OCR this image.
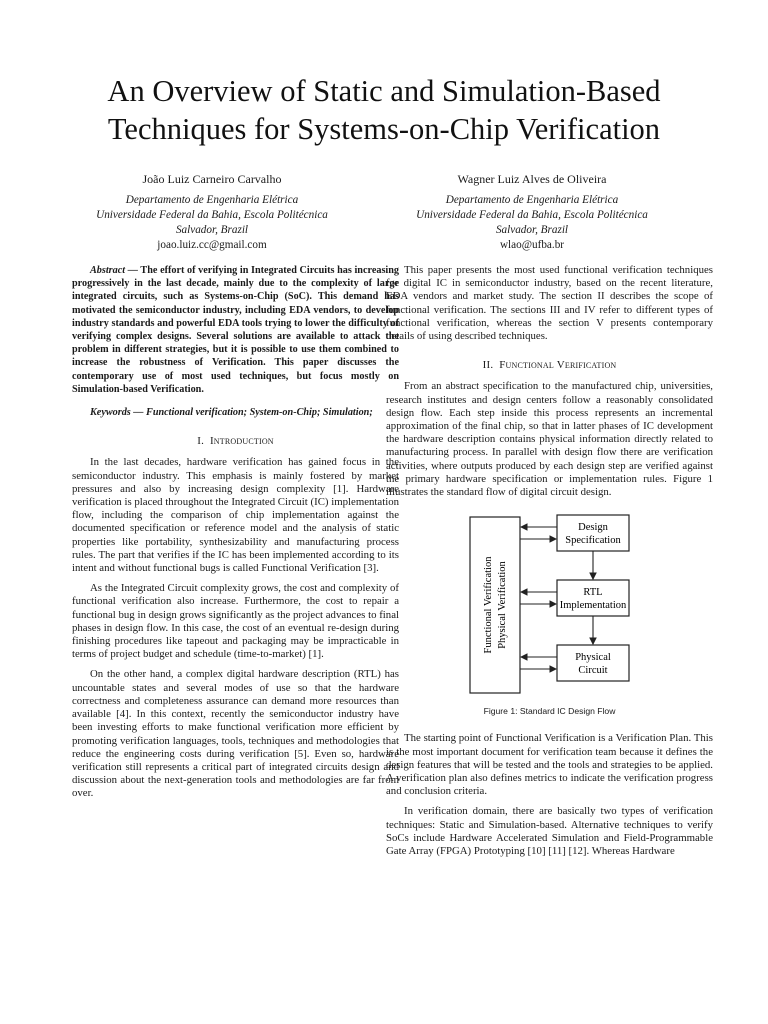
An Overview of Static and Simulation-Based
Techniques for Systems-on-Chip Verification
João Luiz Carneiro Carvalho
Departamento de Engenharia Elétrica
Universidade Federal da Bahia, Escola Politécnica
Salvador, Brazil
joao.luiz.cc@gmail.com
Wagner Luiz Alves de Oliveira
Departamento de Engenharia Elétrica
Universidade Federal da Bahia, Escola Politécnica
Salvador, Brazil
wlao@ufba.br

Abstract — The effort of verifying in Integrated Circuits has increasing progressively in the last decade, mainly due to the complexity of large integrated circuits, such as Systems-on-Chip (SoC). This demand has motivated the semiconductor industry, including EDA vendors, to develop industry standards and powerful EDA tools trying to lower the difficulty of verifying complex designs. Several solutions are available to attack the problem in different strategies, but it is possible to use them combined to increase the robustness of Verification. This paper discusses the contemporary use of most used techniques, but focus mostly on Simulation-based Verification.

Keywords — Functional verification; System-on-Chip; Simulation;

I. Introduction

In the last decades, hardware verification has gained focus in the semiconductor industry. This emphasis is mainly fostered by market pressures and also by increasing design complexity [1]. Hardware verification is placed throughout the Integrated Circuit (IC) implementation flow, including the comparison of chip implementation against the documented specification or reference model and the analysis of static properties like portability, synthesizability and manufacturing process rules. The part that verifies if the IC has been implemented according to its intent and without functional bugs is called Functional Verification [3].

As the Integrated Circuit complexity grows, the cost and complexity of functional verification also increase. Furthermore, the cost to repair a functional bug in design grows significantly as the project advances to final phases in design flow. In this case, the cost of an eventual re-design during finishing procedures like tapeout and packaging may be impracticable in terms of project budget and schedule (time-to-market) [1].

On the other hand, a complex digital hardware description (RTL) has uncountable states and several modes of use so that the hardware correctness and completeness assurance can demand more resources than available [4]. In this context, recently the semiconductor industry have been investing efforts to make functional verification more efficient by promoting verification languages, tools, techniques and methodologies that reduce the engineering costs during verification [5]. Even so, hardware verification still represents a critical part of integrated circuits design and discussion about the next-generation tools and methodologies are far from over.

This paper presents the most used functional verification techniques for digital IC in semiconductor industry, based on the recent literature, EDA vendors and market study. The section II describes the scope of functional verification. The sections III and IV refer to different types of functional verification, whereas the section V presents contemporary details of using described techniques.

II. Functional Verification

From an abstract specification to the manufactured chip, universities, research institutes and design centers follow a reasonably consolidated design flow. Each step inside this process represents an incremental approximation of the final chip, so that in latter phases of IC development the hardware description contains physical information directly related to manufacturing process. In parallel with design flow there are verification activities, where outputs produced by each design step are verified against the primary hardware specification or implementation rules. Figure 1 illustrates the standard flow of digital circuit design.

Functional Verification Physical Verification
Design
Specification
RTL
Implementation
Physical
Circuit
Figure 1: Standard IC Design Flow

The starting point of Functional Verification is a Verification Plan. This is the most important document for verification team because it defines the design features that will be tested and the tools and strategies to be applied. A verification plan also defines metrics to indicate the verification progress and conclusion criteria.

In verification domain, there are basically two types of verification techniques: Static and Simulation-based. Alternative techniques to verify SoCs include Hardware Accelerated Simulation and Field-Programmable Gate Array (FPGA) Prototyping [10] [11] [12]. Whereas Hardware
